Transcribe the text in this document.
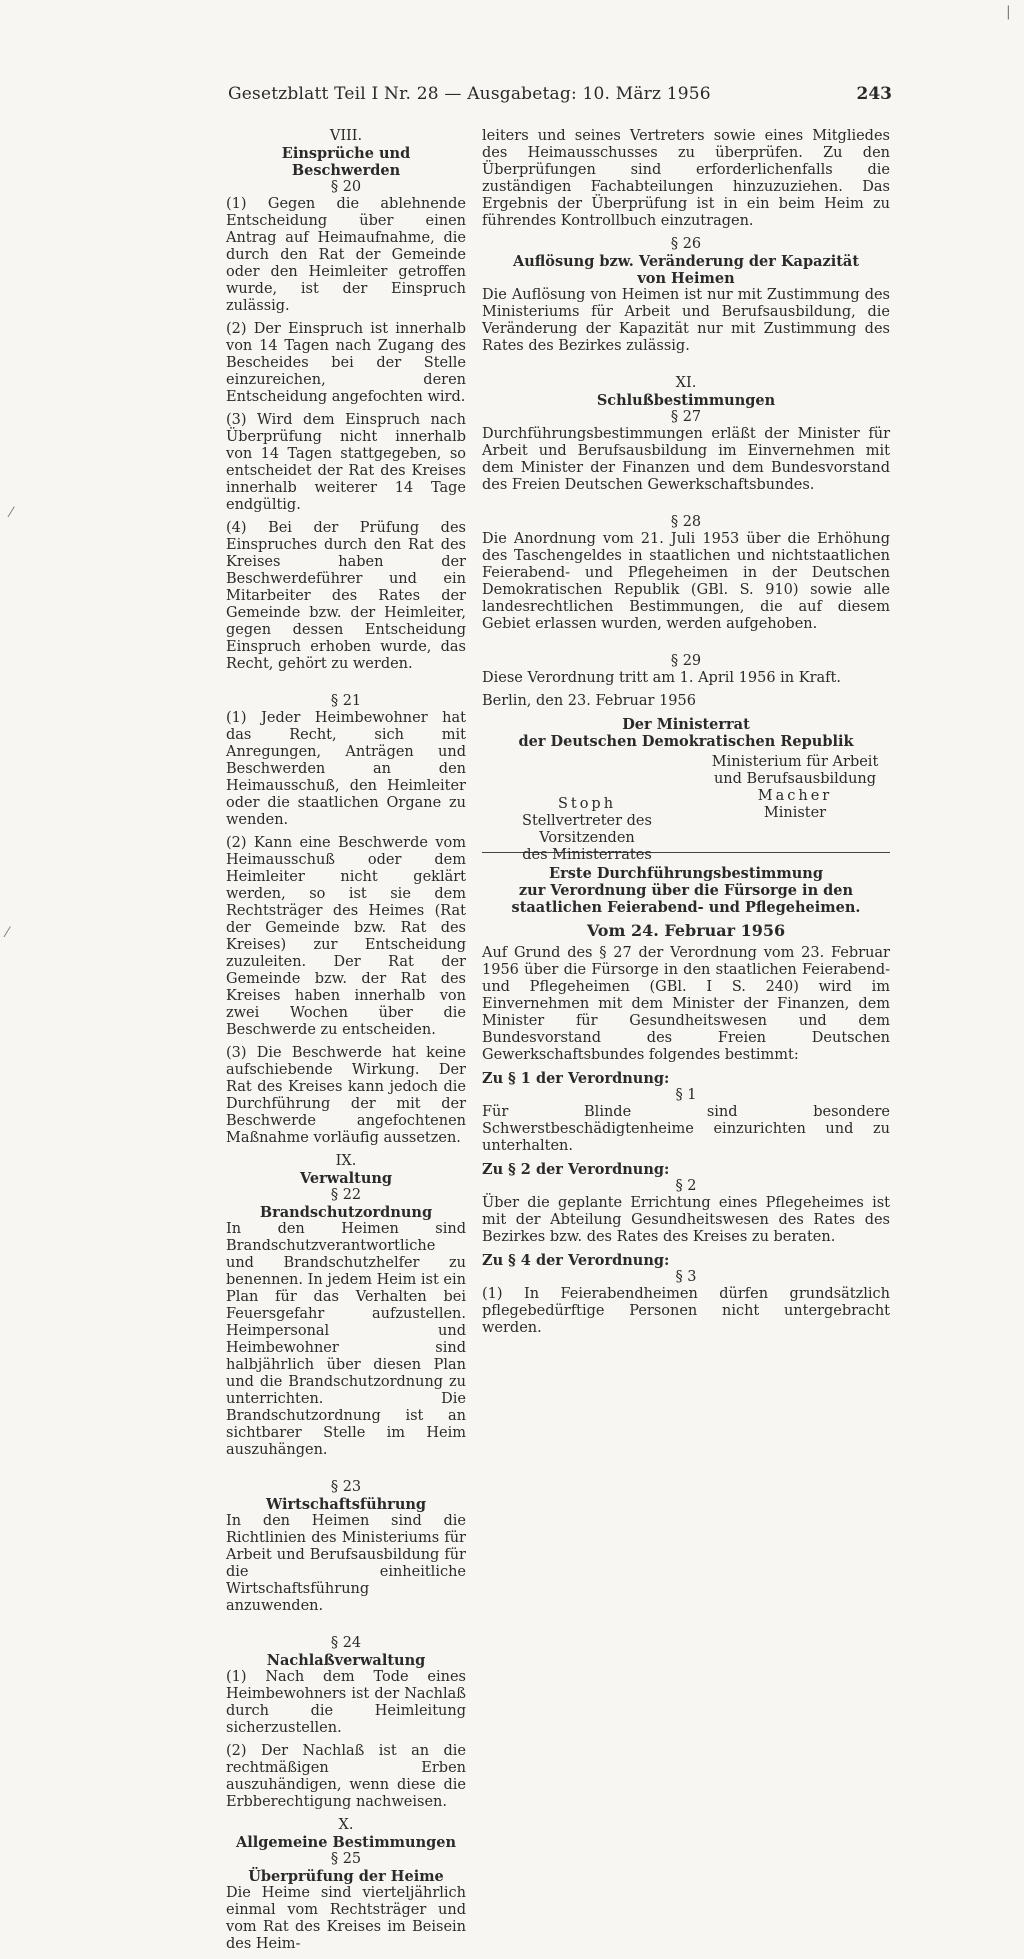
Gesetzblatt Teil I Nr. 28 — Ausgabetag: 10. März 1956	243
VIII.
Einsprüche und Beschwerden
§ 20

(1) Gegen die ablehnende Entscheidung über einen Antrag auf Heimaufnahme, die durch den Rat der Gemeinde oder den Heimleiter getroffen wurde, ist der Einspruch zulässig.

(2) Der Einspruch ist innerhalb von 14 Tagen nach Zugang des Bescheides bei der Stelle einzureichen, deren Entscheidung angefochten wird.

(3) Wird dem Einspruch nach Überprüfung nicht innerhalb von 14 Tagen stattgegeben, so entscheidet der Rat des Kreises innerhalb weiterer 14 Tage endgültig.

(4) Bei der Prüfung des Einspruches durch den Rat des Kreises haben der Beschwerdeführer und ein Mitarbeiter des Rates der Gemeinde bzw. der Heimleiter, gegen dessen Entscheidung Einspruch erhoben wurde, das Recht, gehört zu werden.

§ 21

(1) Jeder Heimbewohner hat das Recht, sich mit Anregungen, Anträgen und Beschwerden an den Heimausschuß, den Heimleiter oder die staatlichen Organe zu wenden.

(2) Kann eine Beschwerde vom Heimausschuß oder dem Heimleiter nicht geklärt werden, so ist sie dem Rechtsträger des Heimes (Rat der Gemeinde bzw. Rat des Kreises) zur Entscheidung zuzuleiten. Der Rat der Gemeinde bzw. der Rat des Kreises haben innerhalb von zwei Wochen über die Beschwerde zu entscheiden.

(3) Die Beschwerde hat keine aufschiebende Wirkung. Der Rat des Kreises kann jedoch die Durchführung der mit der Beschwerde angefochtenen Maßnahme vorläufig aussetzen.

IX.
Verwaltung
§ 22
Brandschutzordnung

In den Heimen sind Brandschutzverantwortliche und Brandschutzhelfer zu benennen. In jedem Heim ist ein Plan für das Verhalten bei Feuersgefahr aufzustellen. Heimpersonal und Heimbewohner sind halbjährlich über diesen Plan und die Brandschutzordnung zu unterrichten. Die Brandschutzordnung ist an sichtbarer Stelle im Heim auszuhängen.

§ 23
Wirtschaftsführung

In den Heimen sind die Richtlinien des Ministeriums für Arbeit und Berufsausbildung für die einheitliche Wirtschaftsführung anzuwenden.

§ 24
Nachlaßverwaltung

(1) Nach dem Tode eines Heimbewohners ist der Nachlaß durch die Heimleitung sicherzustellen.

(2) Der Nachlaß ist an die rechtmäßigen Erben auszuhändigen, wenn diese die Erbberechtigung nachweisen.

X.
Allgemeine Bestimmungen
§ 25
Überprüfung der Heime

Die Heime sind vierteljährlich einmal vom Rechtsträger und vom Rat des Kreises im Beisein des Heim-

leiters und seines Vertreters sowie eines Mitgliedes des Heimausschusses zu überprüfen. Zu den Überprüfungen sind erforderlichenfalls die zuständigen Fachabteilungen hinzuzuziehen. Das Ergebnis der Überprüfung ist in ein beim Heim zu führendes Kontrollbuch einzutragen.

§ 26
Auflösung bzw. Veränderung der Kapazität
von Heimen

Die Auflösung von Heimen ist nur mit Zustimmung des Ministeriums für Arbeit und Berufsausbildung, die Veränderung der Kapazität nur mit Zustimmung des Rates des Bezirkes zulässig.

XI.
Schlußbestimmungen
§ 27

Durchführungsbestimmungen erläßt der Minister für Arbeit und Berufsausbildung im Einvernehmen mit dem Minister der Finanzen und dem Bundesvorstand des Freien Deutschen Gewerkschaftsbundes.

§ 28

Die Anordnung vom 21. Juli 1953 über die Erhöhung des Taschengeldes in staatlichen und nichtstaatlichen Feierabend- und Pflegeheimen in der Deutschen Demokratischen Republik (GBl. S. 910) sowie alle landesrechtlichen Bestimmungen, die auf diesem Gebiet erlassen wurden, werden aufgehoben.

§ 29

Diese Verordnung tritt am 1. April 1956 in Kraft.

Berlin, den 23. Februar 1956

Der Ministerrat
der Deutschen Demokratischen Republik
Ministerium für Arbeit
und Berufsausbildung
Macher
Minister
Stoph
Stellvertreter des Vorsitzenden
des Ministerrates
Erste Durchführungsbestimmung
zur Verordnung über die Fürsorge in den staatlichen Feierabend- und Pflegeheimen.
Vom 24. Februar 1956

Auf Grund des § 27 der Verordnung vom 23. Februar 1956 über die Fürsorge in den staatlichen Feierabend- und Pflegeheimen (GBl. I S. 240) wird im Einvernehmen mit dem Minister der Finanzen, dem Minister für Gesundheitswesen und dem Bundesvorstand des Freien Deutschen Gewerkschaftsbundes folgendes bestimmt:

Zu § 1 der Verordnung:
§ 1

Für Blinde sind besondere Schwerstbeschädigtenheime einzurichten und zu unterhalten.

Zu § 2 der Verordnung:
§ 2

Über die geplante Errichtung eines Pflegeheimes ist mit der Abteilung Gesundheitswesen des Rates des Bezirkes bzw. des Rates des Kreises zu beraten.

Zu § 4 der Verordnung:
§ 3

(1) In Feierabendheimen dürfen grundsätzlich pflegebedürftige Personen nicht untergebracht werden.

⁄
⁄
|
